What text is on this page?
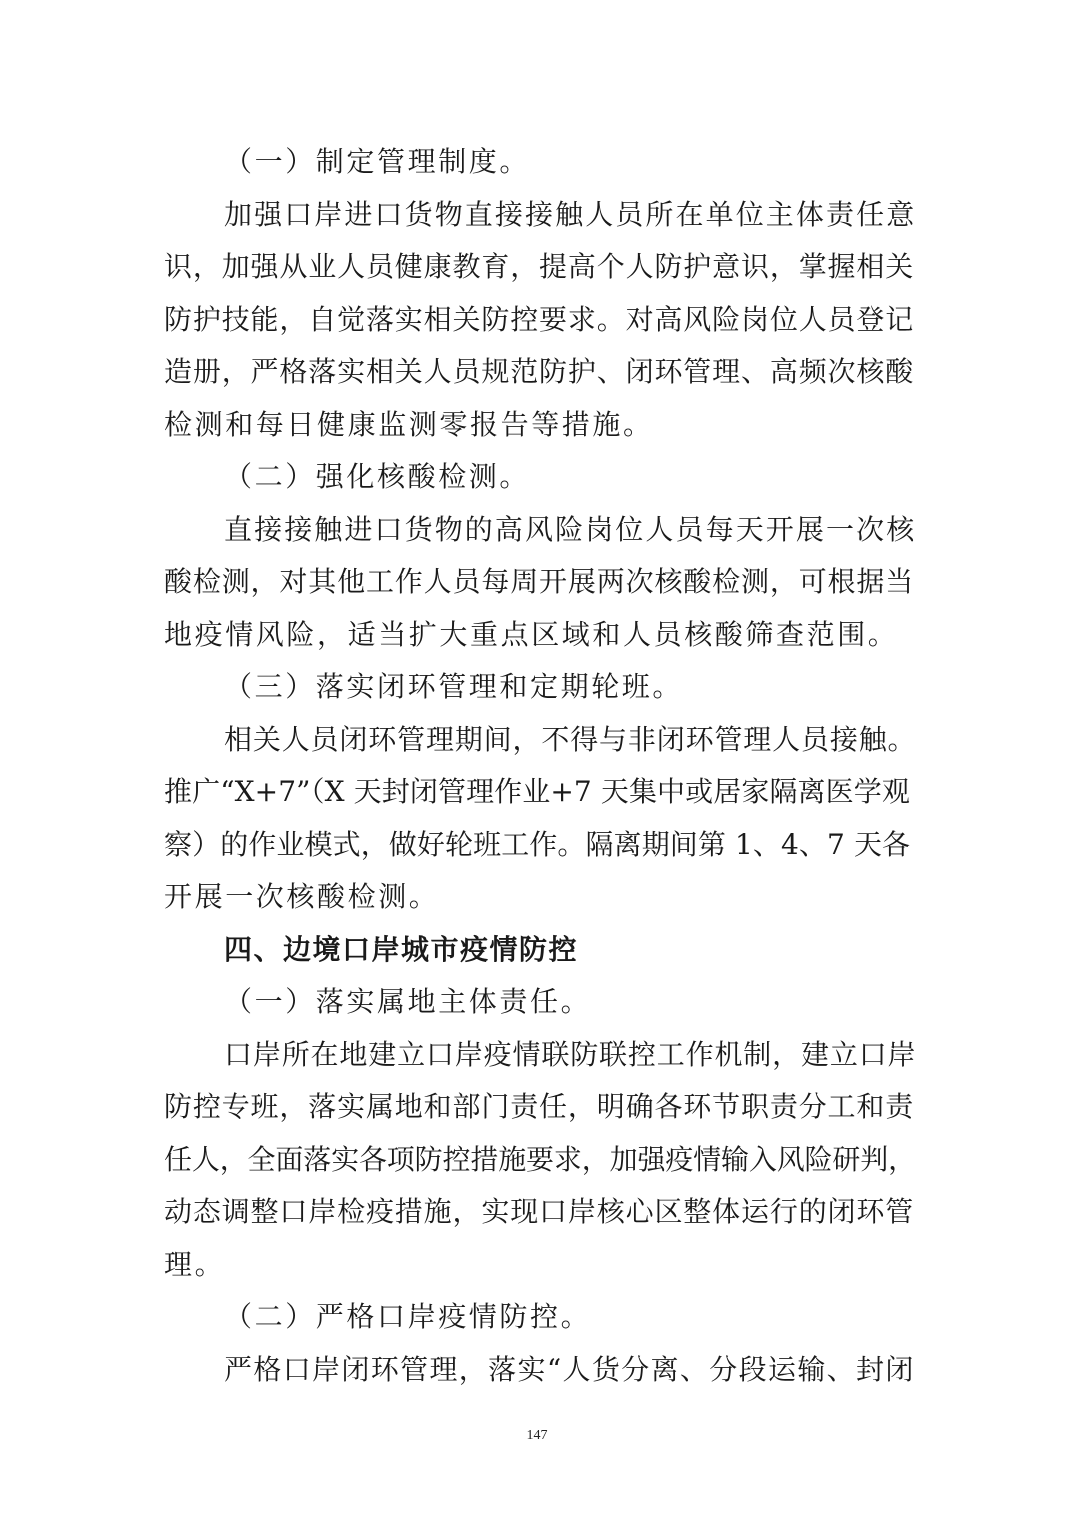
（一）制定管理制度。
加强口岸进口货物直接接触人员所在单位主体责任意
识，加强从业人员健康教育，提高个人防护意识，掌握相关
防护技能，自觉落实相关防控要求。对高风险岗位人员登记
造册，严格落实相关人员规范防护、闭环管理、高频次核酸
检测和每日健康监测零报告等措施。
（二）强化核酸检测。
直接接触进口货物的高风险岗位人员每天开展一次核
酸检测，对其他工作人员每周开展两次核酸检测，可根据当
地疫情风险，适当扩大重点区域和人员核酸筛查范围。
（三）落实闭环管理和定期轮班。
相关人员闭环管理期间，不得与非闭环管理人员接触。
推广“X+7”（X 天封闭管理作业+7 天集中或居家隔离医学观
察）的作业模式，做好轮班工作。隔离期间第 1、4、7 天各
开展一次核酸检测。
四、边境口岸城市疫情防控
（一）落实属地主体责任。
口岸所在地建立口岸疫情联防联控工作机制，建立口岸
防控专班，落实属地和部门责任，明确各环节职责分工和责
任人，全面落实各项防控措施要求，加强疫情输入风险研判，
动态调整口岸检疫措施，实现口岸核心区整体运行的闭环管
理。
（二）严格口岸疫情防控。
严格口岸闭环管理，落实“人货分离、分段运输、封闭
147
